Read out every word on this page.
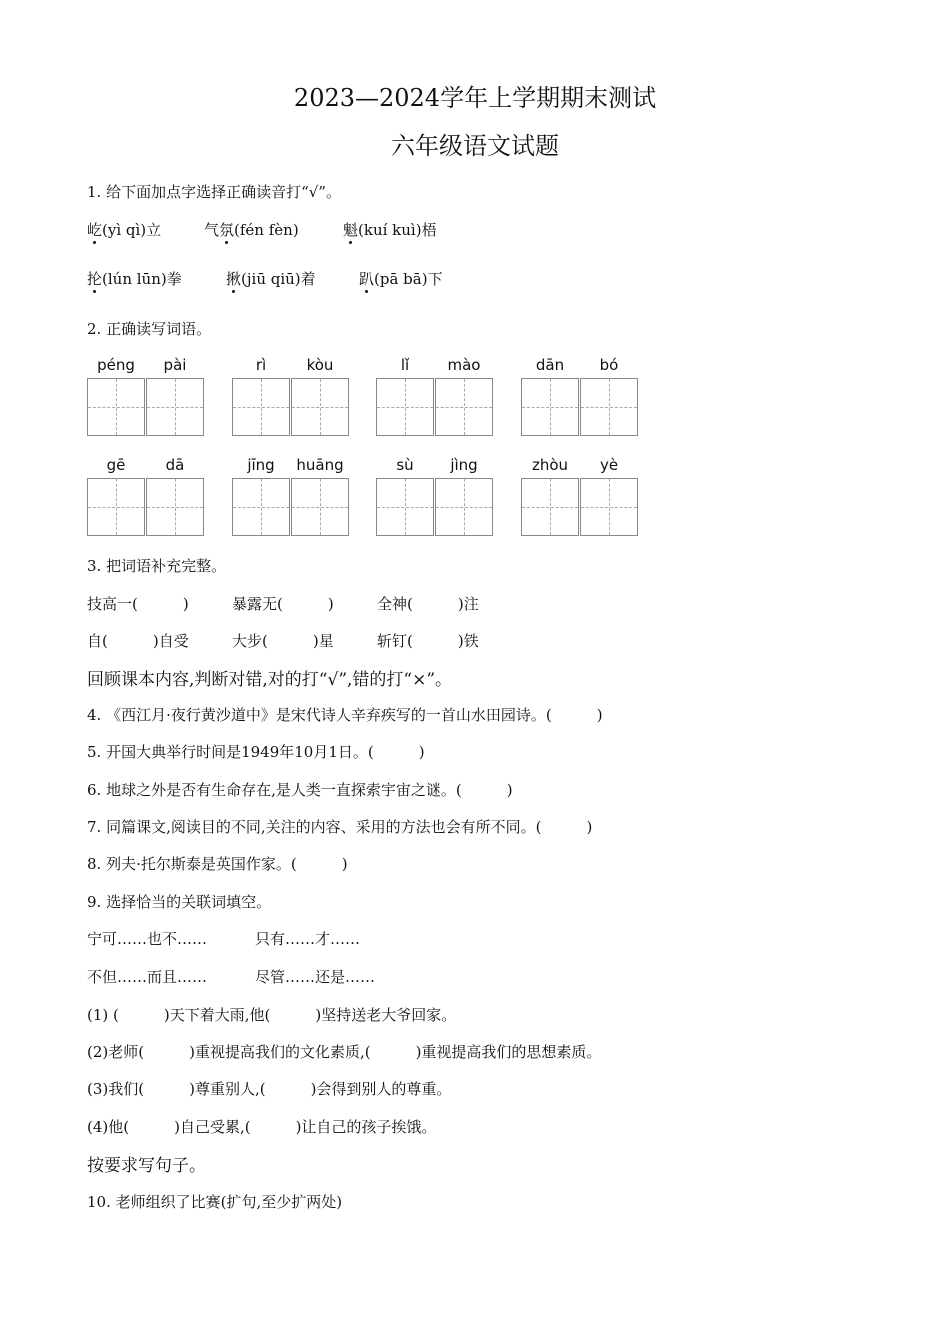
2023—2024学年上学期期末测试
六年级语文试题
1. 给下面加点字选择正确读音打“√”。
屹(yì qì)立	气氛(fén fèn)	魁(kuí kuì)梧
抡(lún lūn)拳	揪(jiū qiū)着	趴(pā bā)下
2. 正确读写词语。
péng	pài	rì	kòu	lǐ	mào	dān	bó
gē	dā	jīng	huāng	sù	jìng	zhòu	yè
3. 把词语补充完整。
技高一(　　　)	暴露无(　　　)	全神(　　　)注
自(　　　)自受	大步(　　　)星	斩钉(　　　)铁
回顾课本内容,判断对错,对的打“√”,错的打“×”。
4. 《西江月·夜行黄沙道中》是宋代诗人辛弃疾写的一首山水田园诗。(　　　)
5. 开国大典举行时间是1949年10月1日。(　　　)
6. 地球之外是否有生命存在,是人类一直探索宇宙之谜。(　　　)
7. 同篇课文,阅读目的不同,关注的内容、采用的方法也会有所不同。(　　　)
8. 列夫·托尔斯泰是英国作家。(　　　)
9. 选择恰当的关联词填空。
宁可……也不……	只有……才……
不但……而且……	尽管……还是……
(1) (　　　)天下着大雨,他(　　　)坚持送老大爷回家。
(2)老师(　　　)重视提高我们的文化素质,(　　　)重视提高我们的思想素质。
(3)我们(　　　)尊重别人,(　　　)会得到别人的尊重。
(4)他(　　　)自己受累,(　　　)让自己的孩子挨饿。
按要求写句子。
10. 老师组织了比赛(扩句,至少扩两处)
